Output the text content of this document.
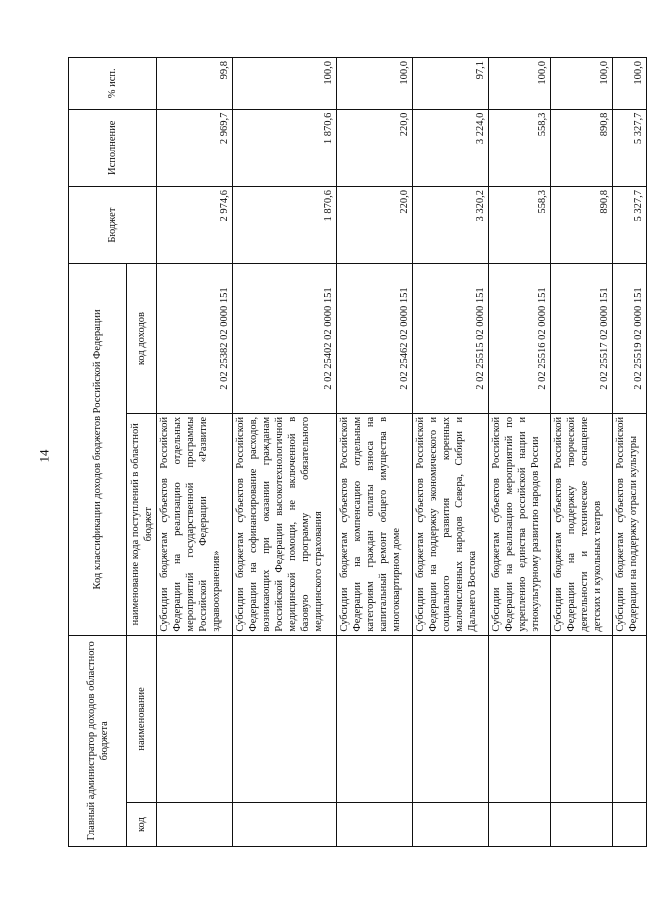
14
Главный администратор доходов областного бюджета		Код классификации доходов бюджетов Российской Федерации		Бюджет	Исполнение	% исп.
код	наименование	наименование кода поступлений в областной бюджет	код доходов			
		Субсидии бюджетам субъектов Российской Федерации на реализацию отдельных мероприятий государственной программы Российской Федерации «Развитие здравоохранения»	2 02 25382 02 0000 151	2 974,6	2 969,7	99,8
		Субсидии бюджетам субъектов Российской Федерации на софинансирование расходов, возникающих при оказании гражданам Российской Федерации высокотехнологичной медицинской помощи, не включенной в базовую программу обязательного медицинского страхования	2 02 25402 02 0000 151	1 870,6	1 870,6	100,0
		Субсидии бюджетам субъектов Российской Федерации на компенсацию отдельным категориям граждан оплаты взноса на капитальный ремонт общего имущества в многоквартирном доме	2 02 25462 02 0000 151	220,0	220,0	100,0
		Субсидии бюджетам субъектов Российской Федерации на поддержку экономического и социального развития коренных малочисленных народов Севера, Сибири и Дальнего Востока	2 02 25515 02 0000 151	3 320,2	3 224,0	97,1
		Субсидии бюджетам субъектов Российской Федерации на реализацию мероприятий по укреплению единства российской нации и этнокультурному развитию народов России	2 02 25516 02 0000 151	558,3	558,3	100,0
		Субсидии бюджетам субъектов Российской Федерации на поддержку творческой деятельности и техническое оснащение детских и кукольных театров	2 02 25517 02 0000 151	890,8	890,8	100,0
		Субсидии бюджетам субъектов Российской Федерации на поддержку отрасли культуры	2 02 25519 02 0000 151	5 327,7	5 327,7	100,0
